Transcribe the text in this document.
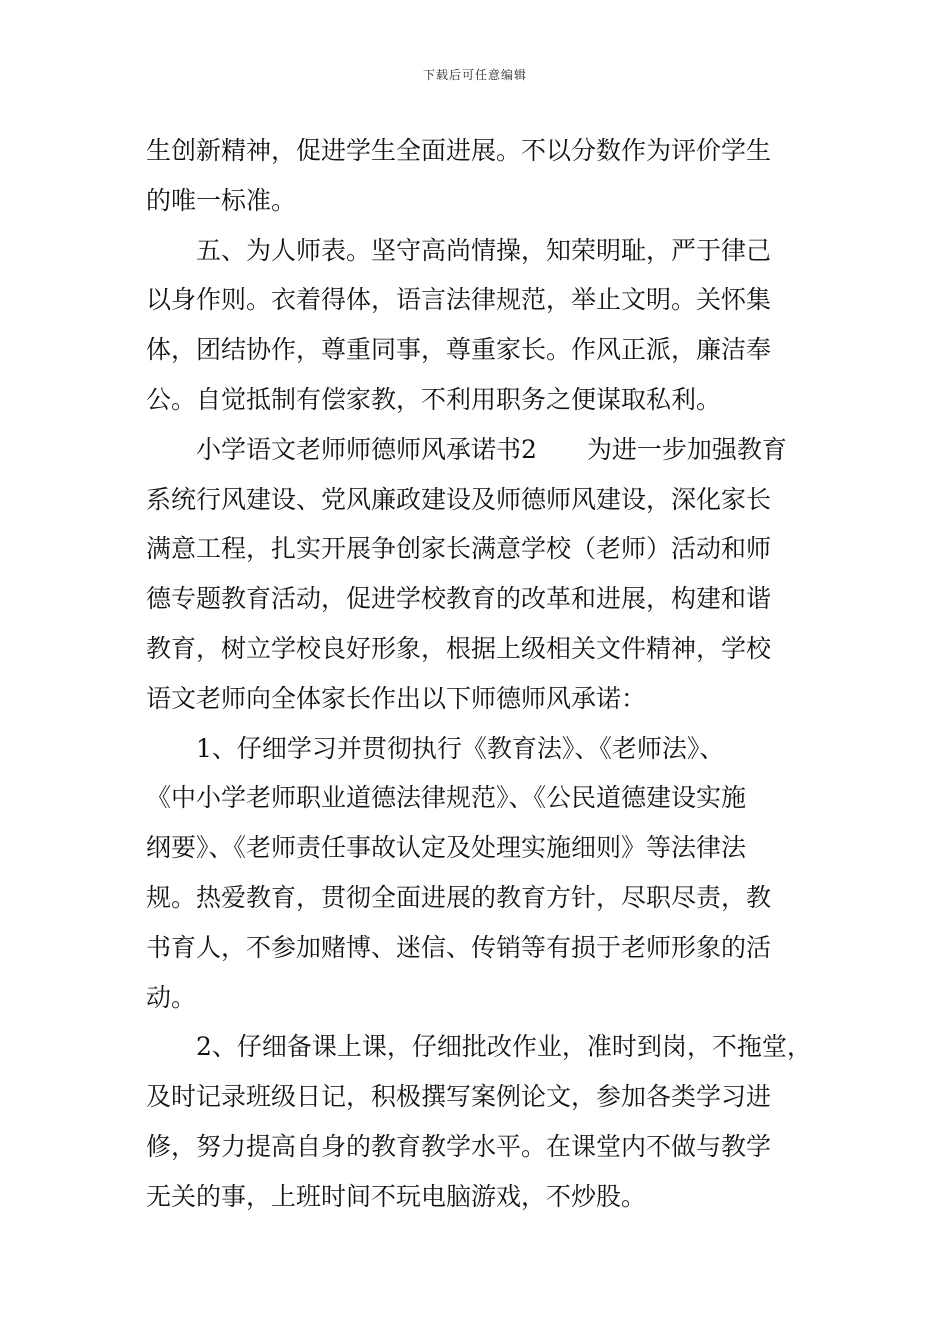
下载后可任意编辑

生创新精神，促进学生全面进展。不以分数作为评价学生
的唯一标准。

五、为人师表。坚守高尚情操，知荣明耻，严于律己
以身作则。衣着得体，语言法律规范，举止文明。关怀集
体，团结协作，尊重同事，尊重家长。作风正派，廉洁奉
公。自觉抵制有偿家教，不利用职务之便谋取私利。

小学语文老师师德师风承诺书2　　为进一步加强教育
系统行风建设、党风廉政建设及师德师风建设，深化家长
满意工程，扎实开展争创家长满意学校（老师）活动和师
德专题教育活动，促进学校教育的改革和进展，构建和谐
教育，树立学校良好形象，根据上级相关文件精神，学校
语文老师向全体家长作出以下师德师风承诺：

1、仔细学习并贯彻执行《教育法》、《老师法》、
《中小学老师职业道德法律规范》、《公民道德建设实施
纲要》、《老师责任事故认定及处理实施细则》等法律法
规。热爱教育，贯彻全面进展的教育方针，尽职尽责，教
书育人，不参加赌博、迷信、传销等有损于老师形象的活
动。

2、仔细备课上课，仔细批改作业，准时到岗，不拖堂，
及时记录班级日记，积极撰写案例论文，参加各类学习进
修，努力提高自身的教育教学水平。在课堂内不做与教学
无关的事，上班时间不玩电脑游戏，不炒股。
